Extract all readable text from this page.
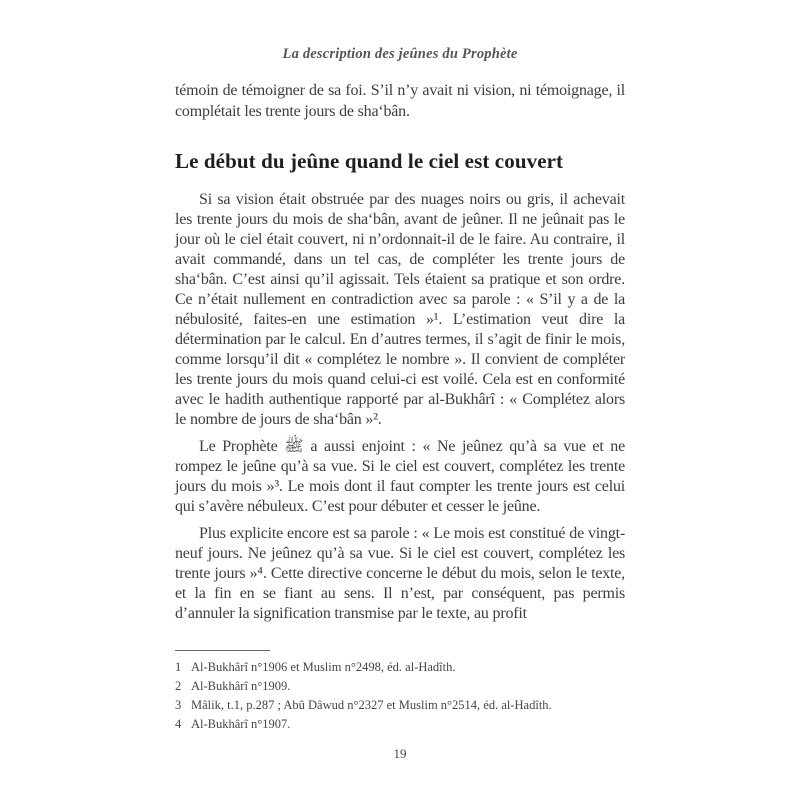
La description des jeûnes du Prophète

témoin de témoigner de sa foi. S’il n’y avait ni vision, ni témoignage, il complétait les trente jours de sha‘bân.

Le début du jeûne quand le ciel est couvert

Si sa vision était obstruée par des nuages noirs ou gris, il achevait les trente jours du mois de sha‘bân, avant de jeûner. Il ne jeûnait pas le jour où le ciel était couvert, ni n’ordonnait-il de le faire. Au contraire, il avait commandé, dans un tel cas, de compléter les trente jours de sha‘bân. C’est ainsi qu’il agissait. Tels étaient sa pratique et son ordre. Ce n’était nullement en contradiction avec sa parole : « S’il y a de la nébulosité, faites-en une estimation »¹. L’estimation veut dire la détermination par le calcul. En d’autres termes, il s’agit de finir le mois, comme lorsqu’il dit « complétez le nombre ». Il convient de compléter les trente jours du mois quand celui-ci est voilé. Cela est en conformité avec le hadith authentique rapporté par al-Bukhârî : « Complétez alors le nombre de jours de sha‘bân »².

Le Prophète ﷺ a aussi enjoint : « Ne jeûnez qu’à sa vue et ne rompez le jeûne qu’à sa vue. Si le ciel est couvert, complétez les trente jours du mois »³. Le mois dont il faut compter les trente jours est celui qui s’avère nébuleux. C’est pour débuter et cesser le jeûne.

Plus explicite encore est sa parole : « Le mois est constitué de vingt-neuf jours. Ne jeûnez qu’à sa vue. Si le ciel est couvert, complétez les trente jours »⁴. Cette directive concerne le début du mois, selon le texte, et la fin en se fiant au sens. Il n’est, par conséquent, pas permis d’annuler la signification transmise par le texte, au profit

1 Al-Bukhârî n°1906 et Muslim n°2498, éd. al-Hadîth.
2 Al-Bukhârî n°1909.
3 Mâlik, t.1, p.287 ; Abû Dâwud n°2327 et Muslim n°2514, éd. al-Hadîth.
4 Al-Bukhârî n°1907.
19
